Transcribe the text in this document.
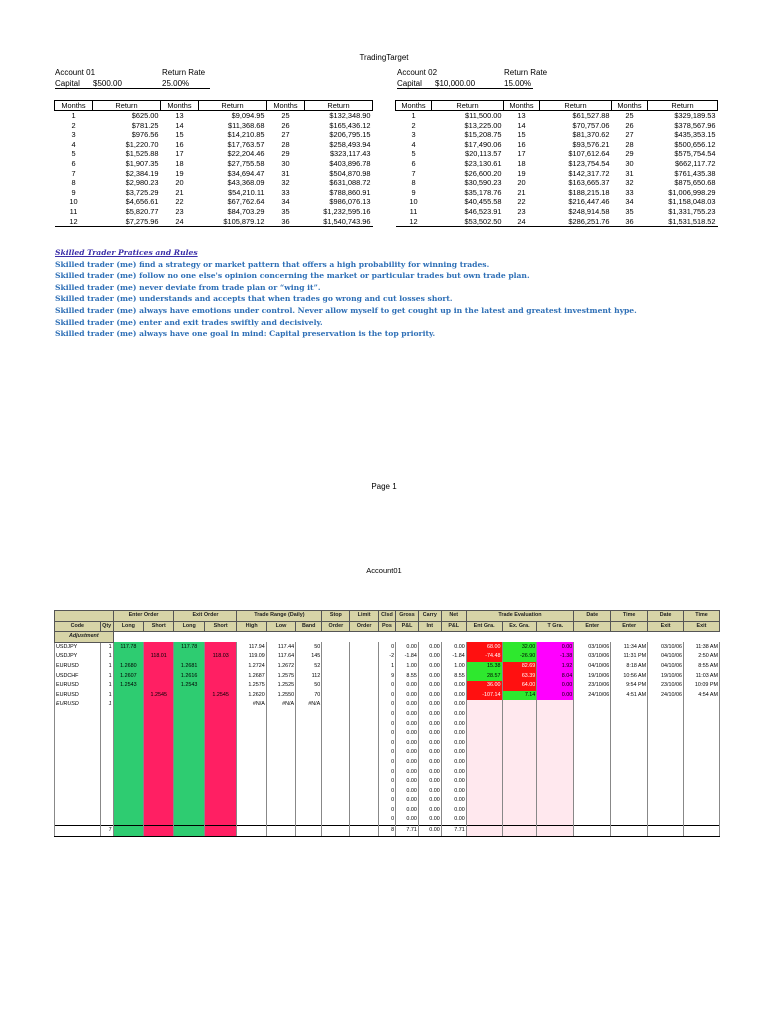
TradingTarget
Account 01	Return Rate
Capital $500.00	25.00%
Account 02	Return Rate
Capital $10,000.00	15.00%
Months	Return	Months	Return	Months	Return
1	$625.00	13	$9,094.95	25	$132,348.90
2	$781.25	14	$11,368.68	26	$165,436.12
3	$976.56	15	$14,210.85	27	$206,795.15
4	$1,220.70	16	$17,763.57	28	$258,493.94
5	$1,525.88	17	$22,204.46	29	$323,117.43
6	$1,907.35	18	$27,755.58	30	$403,896.78
7	$2,384.19	19	$34,694.47	31	$504,870.98
8	$2,980.23	20	$43,368.09	32	$631,088.72
9	$3,725.29	21	$54,210.11	33	$788,860.91
10	$4,656.61	22	$67,762.64	34	$986,076.13
11	$5,820.77	23	$84,703.29	35	$1,232,595.16
12	$7,275.96	24	$105,879.12	36	$1,540,743.96
Months	Return	Months	Return	Months	Return
1	$11,500.00	13	$61,527.88	25	$329,189.53
2	$13,225.00	14	$70,757.06	26	$378,567.96
3	$15,208.75	15	$81,370.62	27	$435,353.15
4	$17,490.06	16	$93,576.21	28	$500,656.12
5	$20,113.57	17	$107,612.64	29	$575,754.54
6	$23,130.61	18	$123,754.54	30	$662,117.72
7	$26,600.20	19	$142,317.72	31	$761,435.38
8	$30,590.23	20	$163,665.37	32	$875,650.68
9	$35,178.76	21	$188,215.18	33	$1,006,998.29
10	$40,455.58	22	$216,447.46	34	$1,158,048.03
11	$46,523.91	23	$248,914.58	35	$1,331,755.23
12	$53,502.50	24	$286,251.76	36	$1,531,518.52
Skilled Trader Pratices and Rules
Skilled trader (me) find a strategy or market pattern that offers a high probability for winning trades.
Skilled trader (me) follow no one else's opinion concerning the market or particular trades but own trade plan.
Skilled trader (me) never deviate from trade plan or “wing it”.
Skilled trader (me) understands and accepts that when trades go wrong and cut losses short.
Skilled trader (me) always have emotions under control. Never allow myself to get cought up in the latest and greatest investment hype.
Skilled trader (me) enter and exit trades swiftly and decisively.
Skilled trader (me) always have one goal in mind: Capital preservation is the top priority.
Page 1
Account01
		Enter Order		Exit Order		Trade Range (Daily)			Stop	Limit	Clsd	Gross	Carry	Net	Trade Evaluation			Date	Time	Date	Time
Code	Qty	Long	Short	Long	Short	High	Low	Band	Order	Order	Pos	P&L	Int	P&L	Ent Gra.	Ex. Gra.	T Gra.	Enter	Enter	Exit	Exit
Adjustment																					
USDJPY	1	117.78		117.78		117.94	117.44	50			0	0.00	0.00	0.00	68.00	32.00	0.00	03/10/06	11:34 AM	03/10/06	11:38 AM
USDJPY	1		118.01		118.03	119.09	117.64	145			-2	-1.84	0.00	-1.84	-74.48	-26.90	-1.38	03/10/06	11:31 PM	04/10/06	2:50 AM
EURUSD	1	1.2680		1.2681		1.2724	1.2672	52			1	1.00	0.00	1.00	15.38	82.69	1.92	04/10/06	8:18 AM	04/10/06	8:55 AM
USDCHF	1	1.2607		1.2616		1.2687	1.2575	112			9	8.55	0.00	8.55	28.57	63.39	8.04	19/10/06	10:56 AM	19/10/06	11:03 AM
EURUSD	1	1.2543		1.2543		1.2575	1.2525	50			0	0.00	0.00	0.00	36.00	64.00	0.00	23/10/06	9:54 PM	23/10/06	10:09 PM
EURUSD	1		1.2545		1.2545	1.2620	1.2550	70			0	0.00	0.00	0.00	-107.14	7.14	0.00	24/10/06	4:51 AM	24/10/06	4:54 AM
EURUSD	1					#N/A	#N/A	#N/A			0	0.00	0.00	0.00							
											0	0.00	0.00	0.00							
											0	0.00	0.00	0.00							
											0	0.00	0.00	0.00							
											0	0.00	0.00	0.00							
											0	0.00	0.00	0.00							
											0	0.00	0.00	0.00							
											0	0.00	0.00	0.00							
											0	0.00	0.00	0.00							
											0	0.00	0.00	0.00							
											0	0.00	0.00	0.00							
											0	0.00	0.00	0.00							
											0	0.00	0.00	0.00							
	7										8	7.71	0.00	7.71							
